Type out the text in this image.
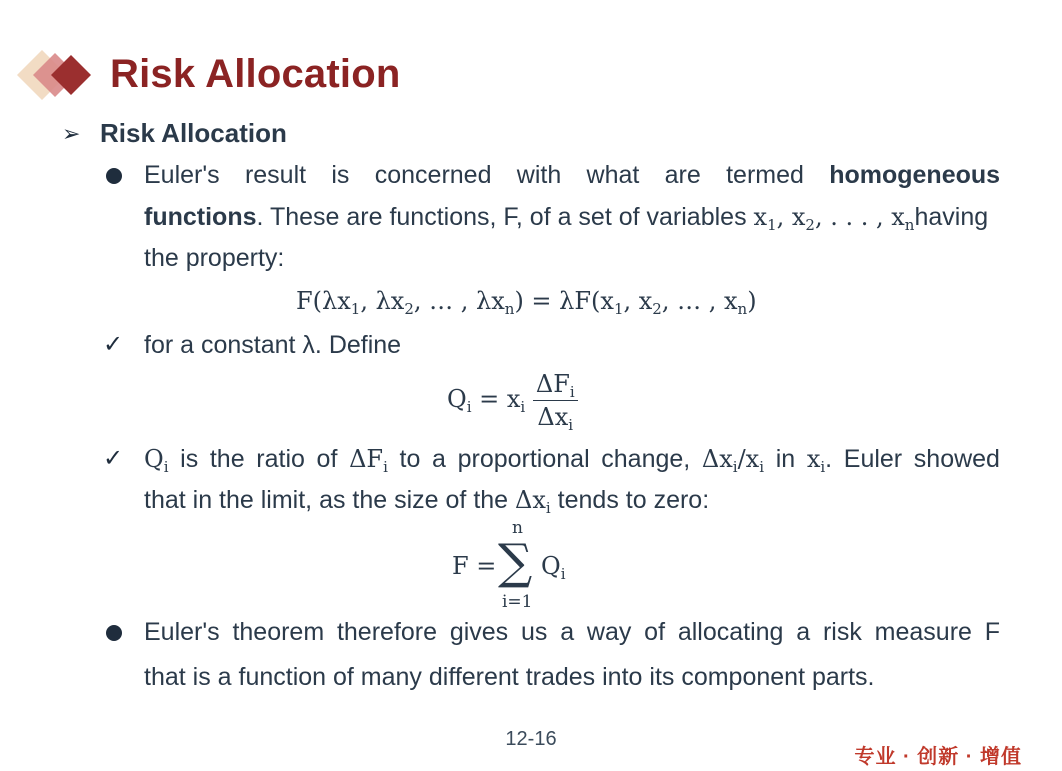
Risk Allocation
➢ Risk Allocation

Euler's result is concerned with what are termed homogeneous

functions. These are functions, F, of a set of variables $x_1$, $x_2$, . . . , $x_nhaving$

the property:

$F(\lambda x_1$, $\lambda x_2$, … , $\lambda x_n) = \lambda F(x_1$, $x_2$, … , $x_n$)
✓ for a constant λ. Define

$Q_i = x_i \frac{\Delta F_i}{\Delta x_i}$
✓ $Q_i$ is the ratio of $\Delta F_i$ to a proportional change, $\Delta x_i/x_i$ in $x_i$. Euler showed

that in the limit, as the size of the $\Delta x_i$ tends to zero:

F =
n
∑
i=1
$Q_i$

Euler's theorem therefore gives us a way of allocating a risk measure F

that is a function of many different trades into its component parts.

12-16
专业 · 创新 · 增值
